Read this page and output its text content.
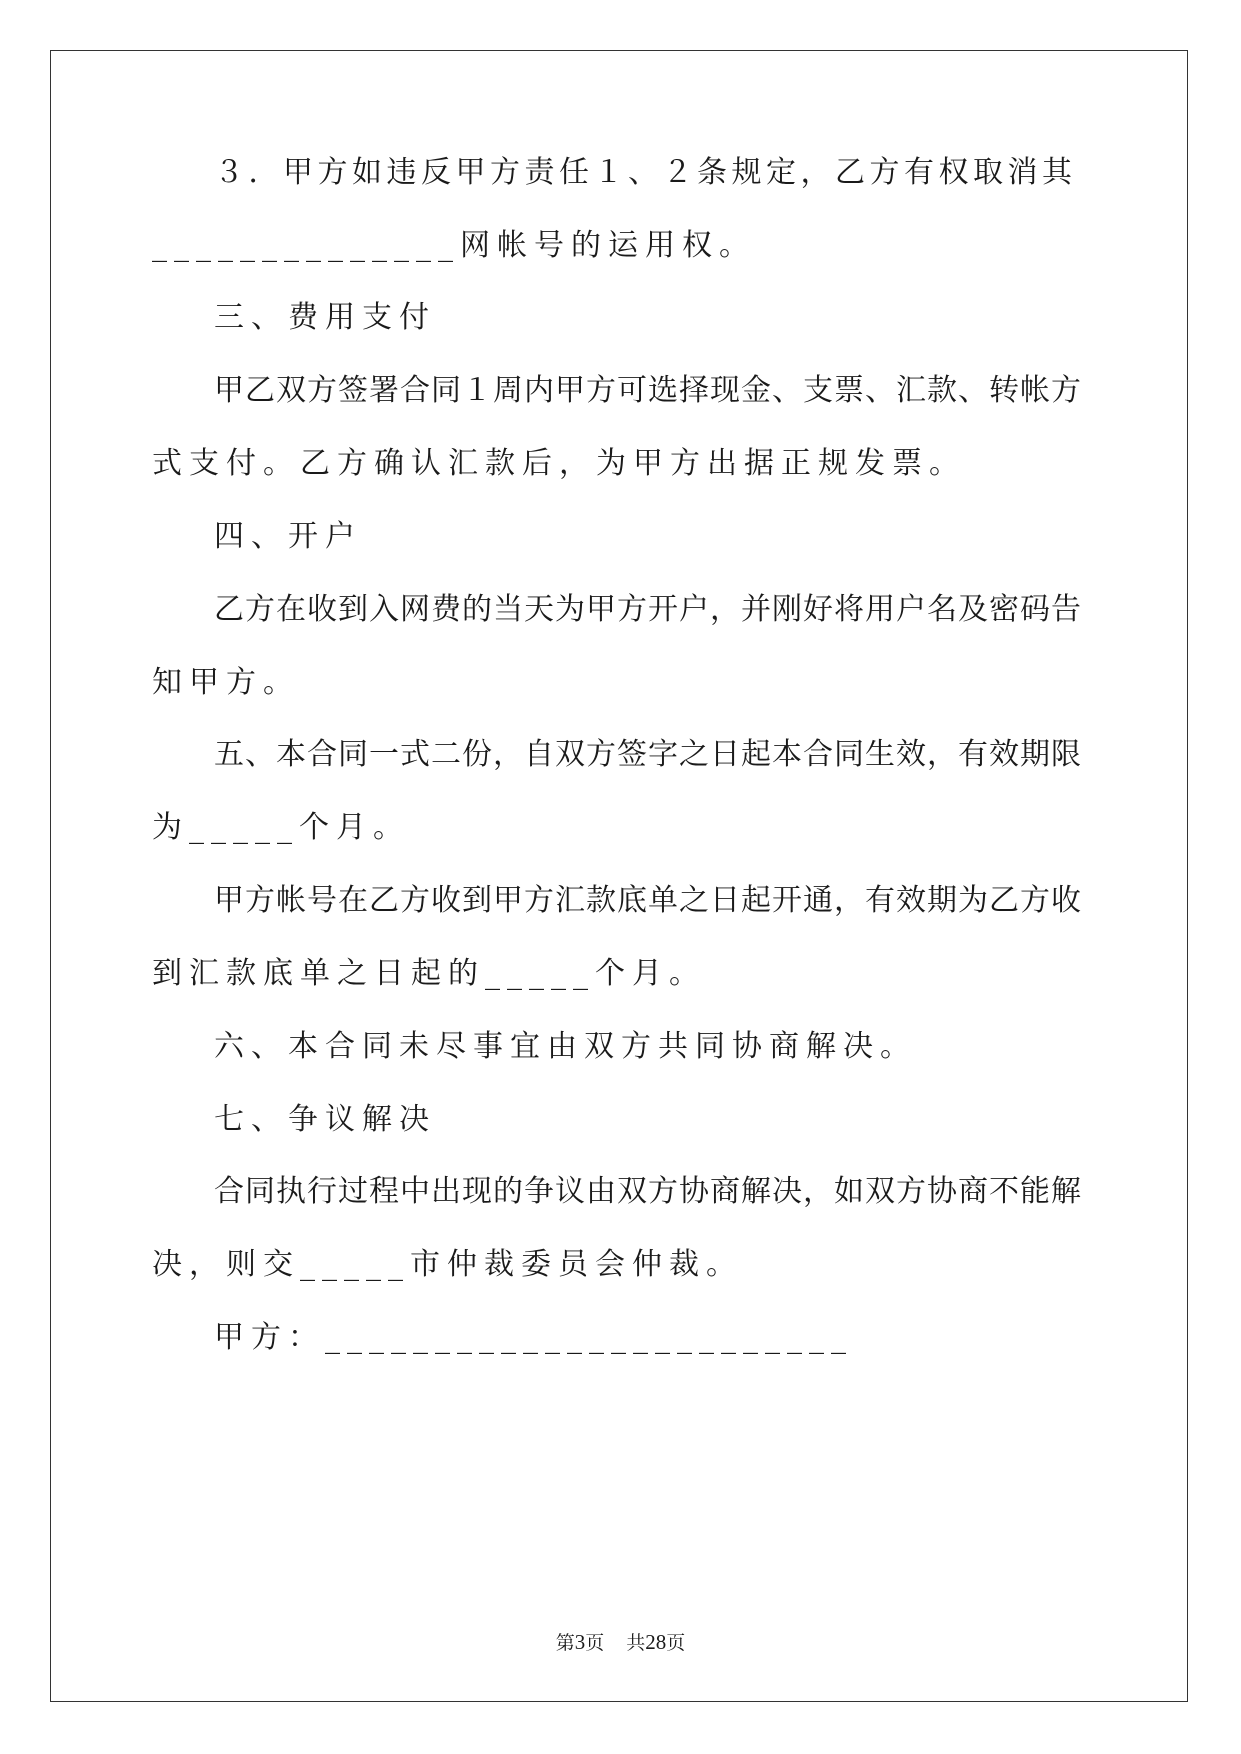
３．甲方如违反甲方责任１、２条规定，乙方有权取消其
______________网帐号的运用权。
三、费用支付
甲乙双方签署合同１周内甲方可选择现金、支票、汇款、转帐方
式支付。乙方确认汇款后，为甲方出据正规发票。
四、开户
乙方在收到入网费的当天为甲方开户，并刚好将用户名及密码告
知甲方。
五、本合同一式二份，自双方签字之日起本合同生效，有效期限
为_____个月。
甲方帐号在乙方收到甲方汇款底单之日起开通，有效期为乙方收
到汇款底单之日起的_____个月。
六、本合同未尽事宜由双方共同协商解决。
七、争议解决
合同执行过程中出现的争议由双方协商解决，如双方协商不能解
决，则交_____市仲裁委员会仲裁。
甲方：________________________
第3页 共28页
